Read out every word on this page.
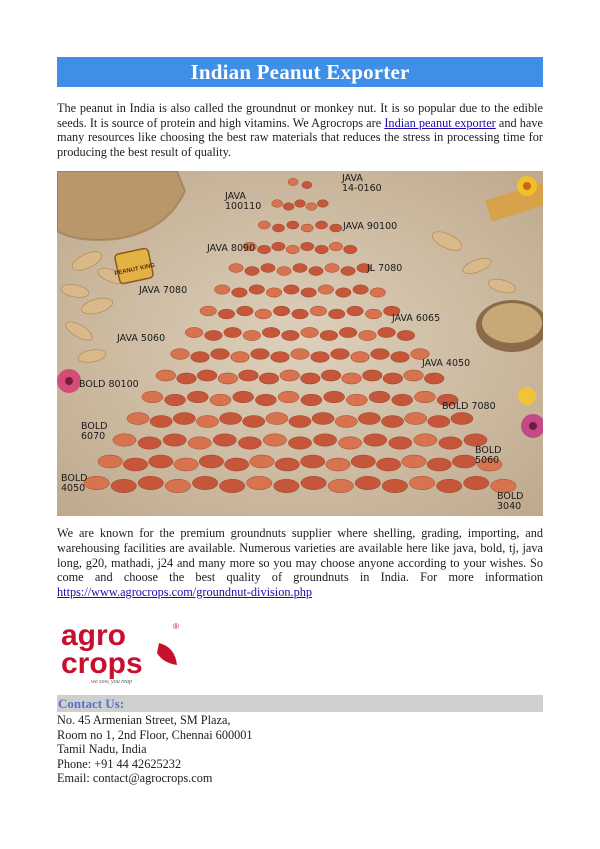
Indian Peanut Exporter

The peanut in India is also called the groundnut or monkey nut. It is so popular due to the edible seeds. It is source of protein and high vitamins. We Agrocrops are Indian peanut exporter and have many resources like choosing the best raw materials that reduces the stress in processing time for producing the best result of quality.

PEANUT KING
JAVA
14-0160
JAVA
100110
JAVA 90100
JAVA 8090
JL 7080
JAVA 7080
JAVA 6065
JAVA 5060
JAVA 4050
BOLD 80100
BOLD 7080
BOLD
6070
BOLD
5060
BOLD
4050
BOLD
3040

We are known for the premium groundnuts supplier where shelling, grading, importing, and warehousing facilities are available. Numerous varieties are available here like java, bold, tj, java long, g20, mathadi, j24 and many more so you may choose anyone according to your wishes. So come and choose the best quality of groundnuts in India. For more information https://www.agrocrops.com/groundnut-division.php

agro
crops
®
we sow, you reap
Contact Us:
No. 45 Armenian Street, SM Plaza,
Room no 1, 2nd Floor, Chennai 600001
Tamil Nadu, India
Phone: +91 44 42625232
Email: contact@agrocrops.com
